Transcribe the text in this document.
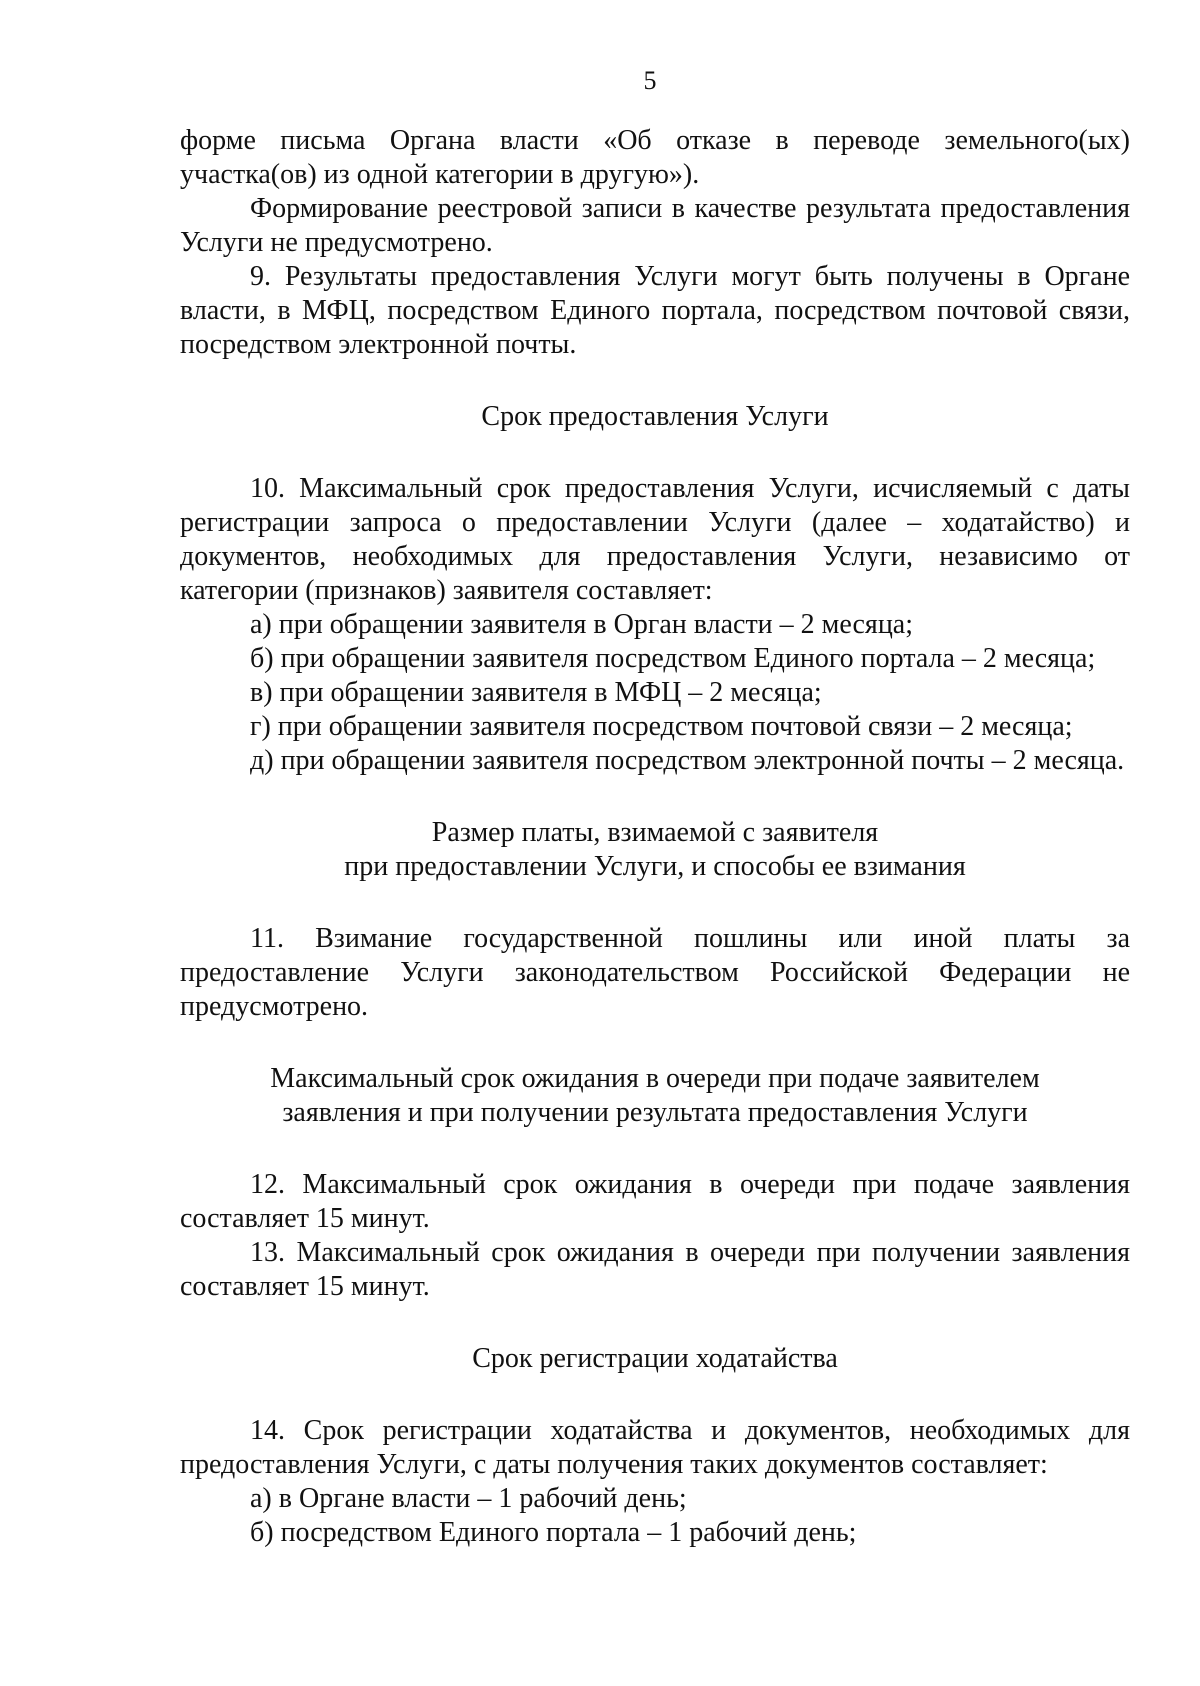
5

форме письма Органа власти «Об отказе в переводе земельного(ых) участка(ов) из одной категории в другую»).

Формирование реестровой записи в качестве результата предоставления Услуги не предусмотрено.

9. Результаты предоставления Услуги могут быть получены в Органе власти, в МФЦ, посредством Единого портала, посредством почтовой связи, посредством электронной почты.

Срок предоставления Услуги

10. Максимальный срок предоставления Услуги, исчисляемый с даты регистрации запроса о предоставлении Услуги (далее – ходатайство) и документов, необходимых для предоставления Услуги, независимо от категории (признаков) заявителя составляет:

а) при обращении заявителя в Орган власти – 2 месяца;

б) при обращении заявителя посредством Единого портала – 2 месяца;

в) при обращении заявителя в МФЦ – 2 месяца;

г) при обращении заявителя посредством почтовой связи – 2 месяца;

д) при обращении заявителя посредством электронной почты – 2 месяца.

Размер платы, взимаемой с заявителя

при предоставлении Услуги, и способы ее взимания

11. Взимание государственной пошлины или иной платы за предоставление Услуги законодательством Российской Федерации не предусмотрено.

Максимальный срок ожидания в очереди при подаче заявителем

заявления и при получении результата предоставления Услуги

12. Максимальный срок ожидания в очереди при подаче заявления составляет 15 минут.

13. Максимальный срок ожидания в очереди при получении заявления составляет 15 минут.

Срок регистрации ходатайства

14. Срок регистрации ходатайства и документов, необходимых для предоставления Услуги, с даты получения таких документов составляет:

а) в Органе власти – 1 рабочий день;

б) посредством Единого портала – 1 рабочий день;
